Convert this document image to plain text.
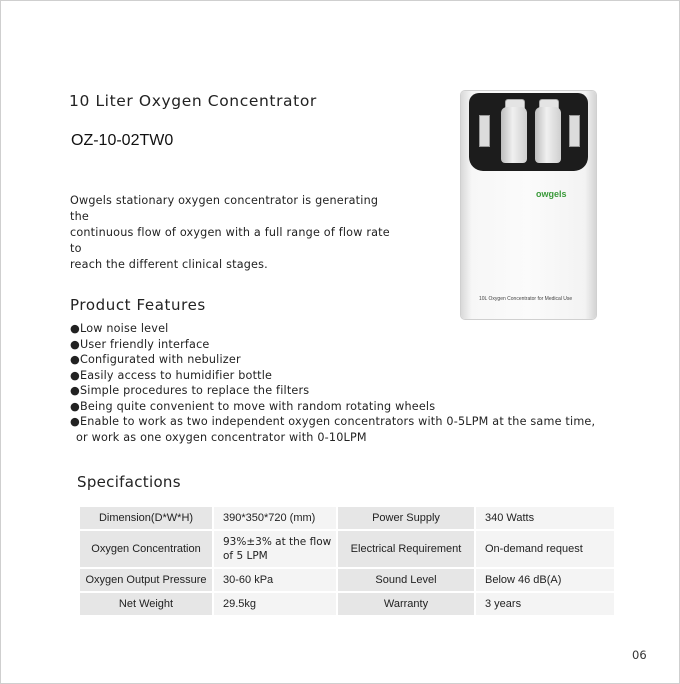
10 Liter Oxygen Concentrator
OZ-10-02TW0
Owgels stationary oxygen concentrator is generating the
continuous flow of oxygen with a full range of flow rate to
reach the different clinical stages.
owgels
10L Oxygen Concentrator for Medical Use
Product Features
●Low noise level
●User friendly interface
●Configurated with nebulizer
●Easily access to humidifier bottle
●Simple procedures to replace the filters
●Being quite convenient to move with random rotating wheels
●Enable to work as two independent oxygen concentrators with 0-5LPM at the same time,
or work as one oxygen concentrator with 0-10LPM
Specifactions
Dimension(D*W*H)		390*350*720 (mm)		Power Supply		340 Watts
Oxygen Concentration		93%±3% at the flow
of 5 LPM		Electrical Requirement		On-demand request
Oxygen Output Pressure		30-60 kPa		Sound Level		Below 46 dB(A)
Net Weight		29.5kg		Warranty		3 years
06
